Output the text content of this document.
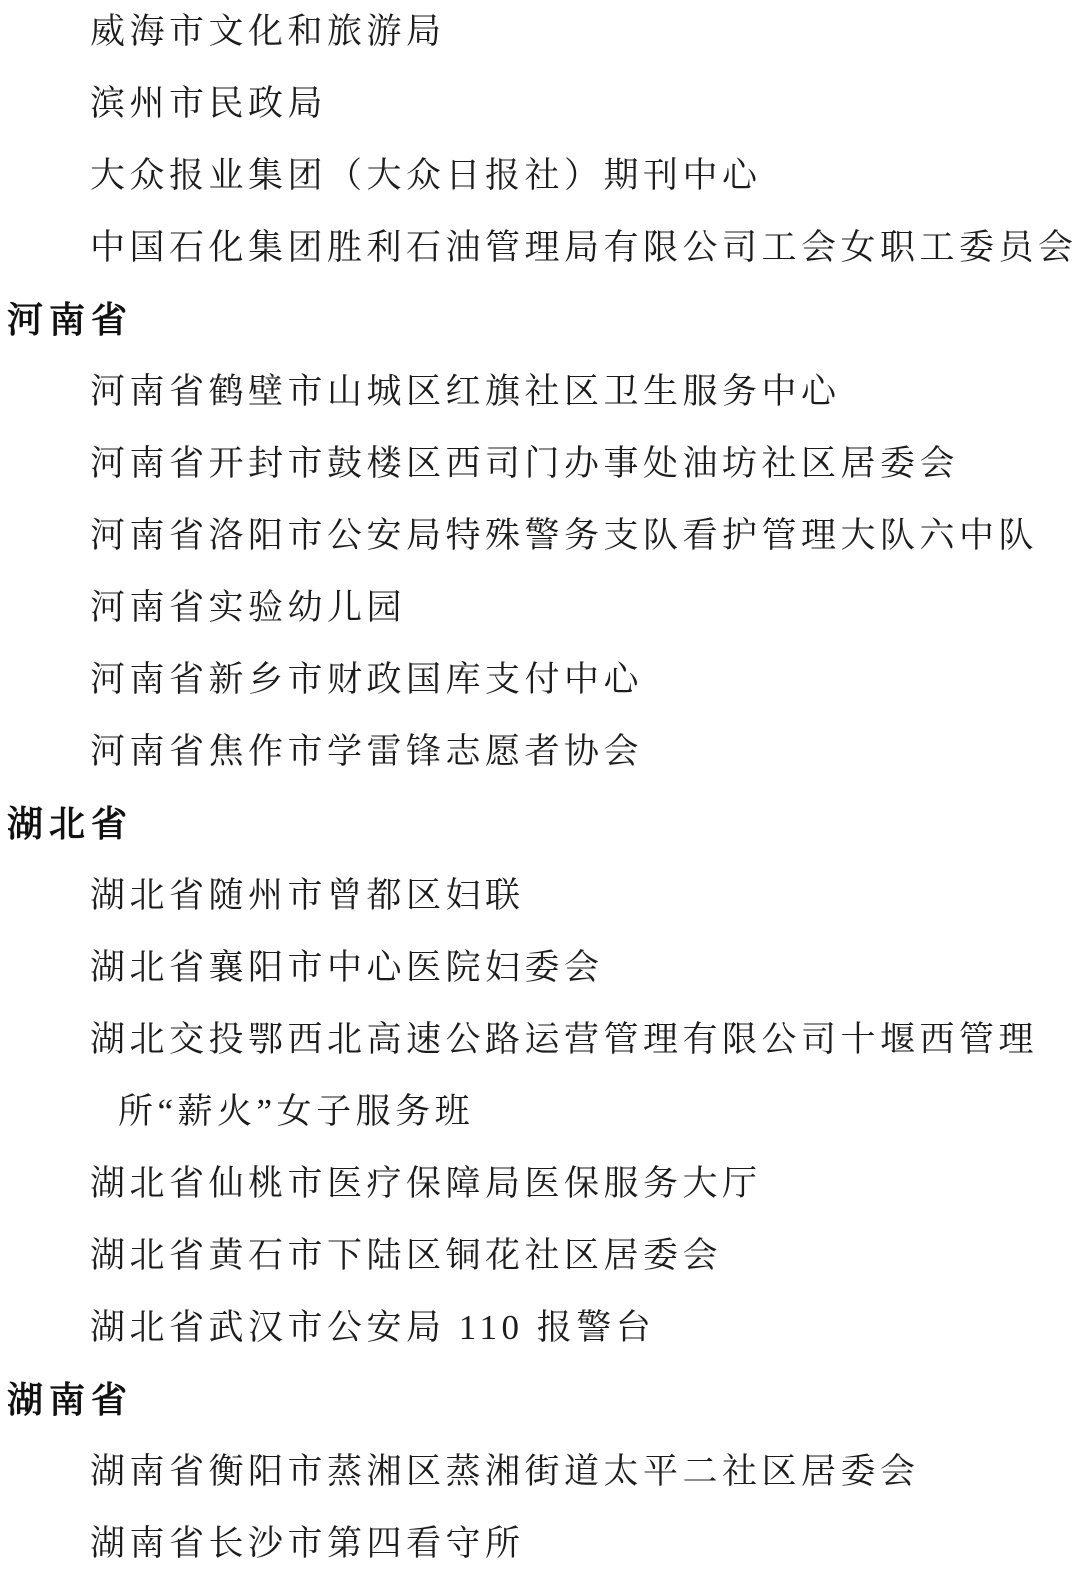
威海市文化和旅游局
滨州市民政局
大众报业集团（大众日报社）期刊中心
中国石化集团胜利石油管理局有限公司工会女职工委员会
河南省
河南省鹤壁市山城区红旗社区卫生服务中心
河南省开封市鼓楼区西司门办事处油坊社区居委会
河南省洛阳市公安局特殊警务支队看护管理大队六中队
河南省实验幼儿园
河南省新乡市财政国库支付中心
河南省焦作市学雷锋志愿者协会
湖北省
湖北省随州市曾都区妇联
湖北省襄阳市中心医院妇委会
湖北交投鄂西北高速公路运营管理有限公司十堰西管理
所“薪火”女子服务班
湖北省仙桃市医疗保障局医保服务大厅
湖北省黄石市下陆区铜花社区居委会
湖北省武汉市公安局 110 报警台
湖南省
湖南省衡阳市蒸湘区蒸湘街道太平二社区居委会
湖南省长沙市第四看守所
